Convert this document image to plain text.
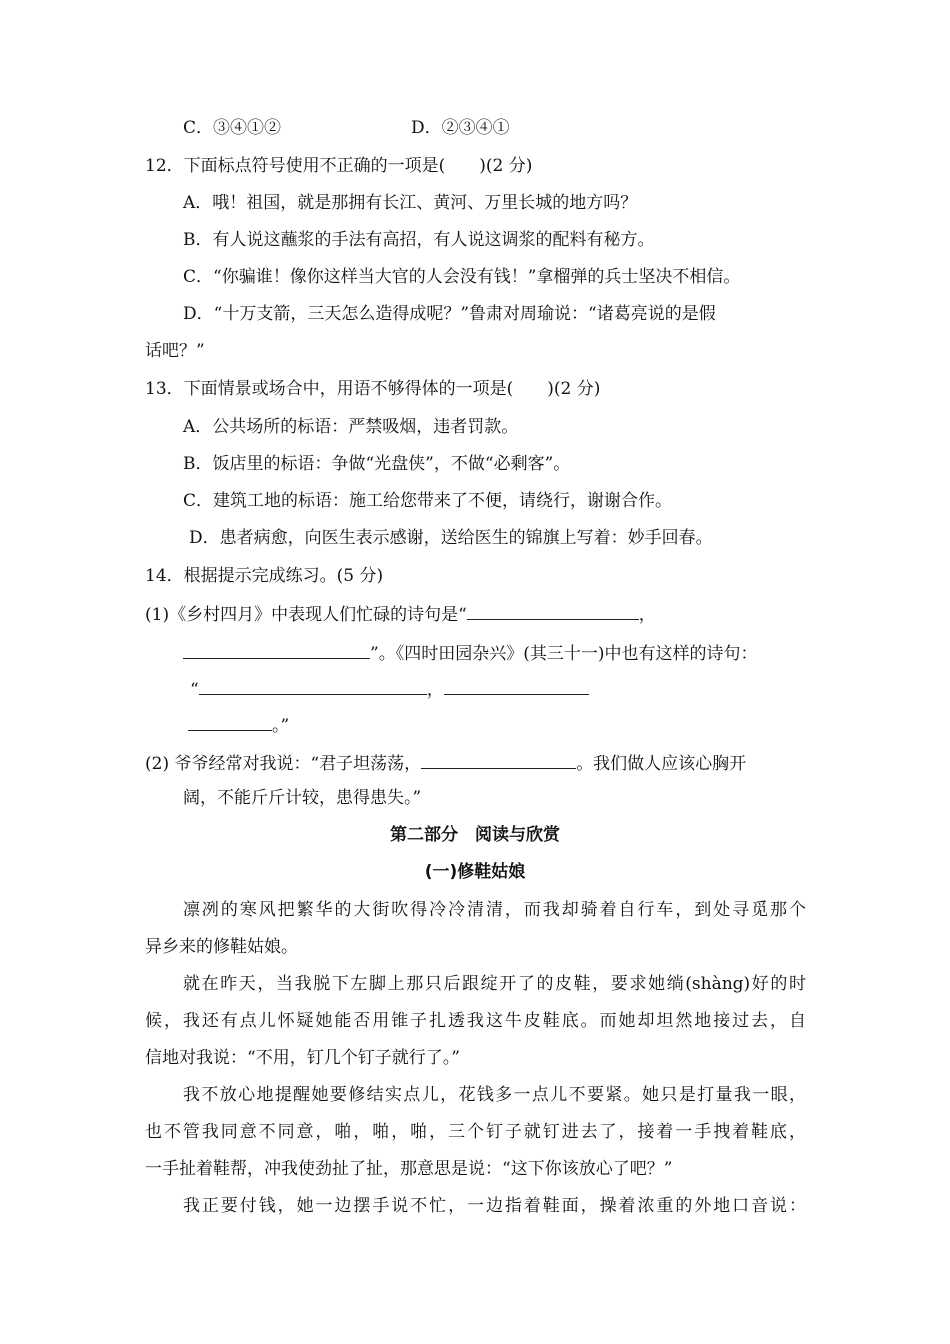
C．③④①②	D．②③④①
12．下面标点符号使用不正确的一项是(　　)(2 分)
A．哦！祖国，就是那拥有长江、黄河、万里长城的地方吗？
B．有人说这蘸浆的手法有高招，有人说这调浆的配料有秘方。
C．“你骗谁！像你这样当大官的人会没有钱！”拿榴弹的兵士坚决不相信。
D．“十万支箭，三天怎么造得成呢？”鲁肃对周瑜说：“诸葛亮说的是假
话吧？”
13．下面情景或场合中，用语不够得体的一项是(　　)(2 分)
A．公共场所的标语：严禁吸烟，违者罚款。
B．饭店里的标语：争做“光盘侠”，不做“必剩客”。
C．建筑工地的标语：施工给您带来了不便，请绕行，谢谢合作。
D．患者病愈，向医生表示感谢，送给医生的锦旗上写着：妙手回春。
14．根据提示完成练习。(5 分)
(1)《乡村四月》中表现人们忙碌的诗句是“	，
”。《四时田园杂兴》(其三十一)中也有这样的诗句：
“	，
。”
(2) 爷爷经常对我说：“君子坦荡荡，	。我们做人应该心胸开
阔，不能斤斤计较，患得患失。”
第二部分　阅读与欣赏
(一)修鞋姑娘
凛冽的寒风把繁华的大街吹得冷冷清清，而我却骑着自行车，到处寻觅那个
异乡来的修鞋姑娘。
就在昨天，当我脱下左脚上那只后跟绽开了的皮鞋，要求她绱(shàng)好的时
候，我还有点儿怀疑她能否用锥子扎透我这牛皮鞋底。而她却坦然地接过去，自
信地对我说：“不用，钉几个钉子就行了。”
我不放心地提醒她要修结实点儿，花钱多一点儿不要紧。她只是打量我一眼，
也不管我同意不同意，啪，啪，啪，三个钉子就钉进去了，接着一手拽着鞋底，
一手扯着鞋帮，冲我使劲扯了扯，那意思是说：“这下你该放心了吧？”
我正要付钱，她一边摆手说不忙，一边指着鞋面，操着浓重的外地口音说：
